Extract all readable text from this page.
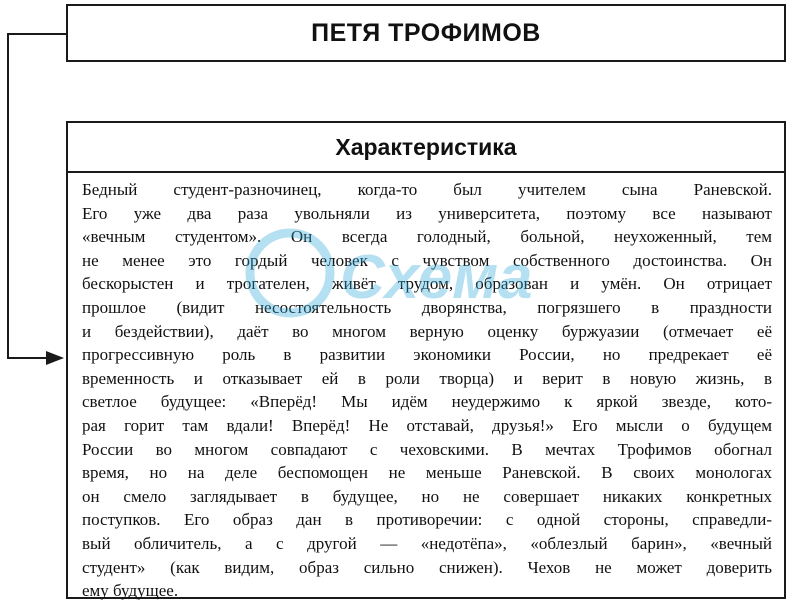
ПЕТЯ ТРОФИМОВ
Характеристика
Бедный студент-разночинец, когда-то был учителем сына Раневской.
Его уже два раза увольняли из университета, поэтому все называют
«вечным студентом». Он всегда голодный, больной, неухоженный, тем
не менее это гордый человек с чувством собственного достоинства. Он
бескорыстен и трогателен, живёт трудом, образован и умён. Он отрицает
прошлое (видит несостоятельность дворянства, погрязшего в праздности
и бездействии), даёт во многом верную оценку буржуазии (отмечает её
прогрессивную роль в развитии экономики России, но предрекает её
временность и отказывает ей в роли творца) и верит в новую жизнь, в
светлое будущее: «Вперёд! Мы идём неудержимо к яркой звезде, кото-
рая горит там вдали! Вперёд! Не отставай, друзья!» Его мысли о будущем
России во многом совпадают с чеховскими. В мечтах Трофимов обогнал
время, но на деле беспомощен не меньше Раневской. В своих монологах
он смело заглядывает в будущее, но не совершает никаких конкретных
поступков. Его образ дан в противоречии: с одной стороны, справедли-
вый обличитель, а с другой — «недотёпа», «облезлый барин», «вечный
студент» (как видим, образ сильно снижен). Чехов не может доверить
ему будущее.
Схема
